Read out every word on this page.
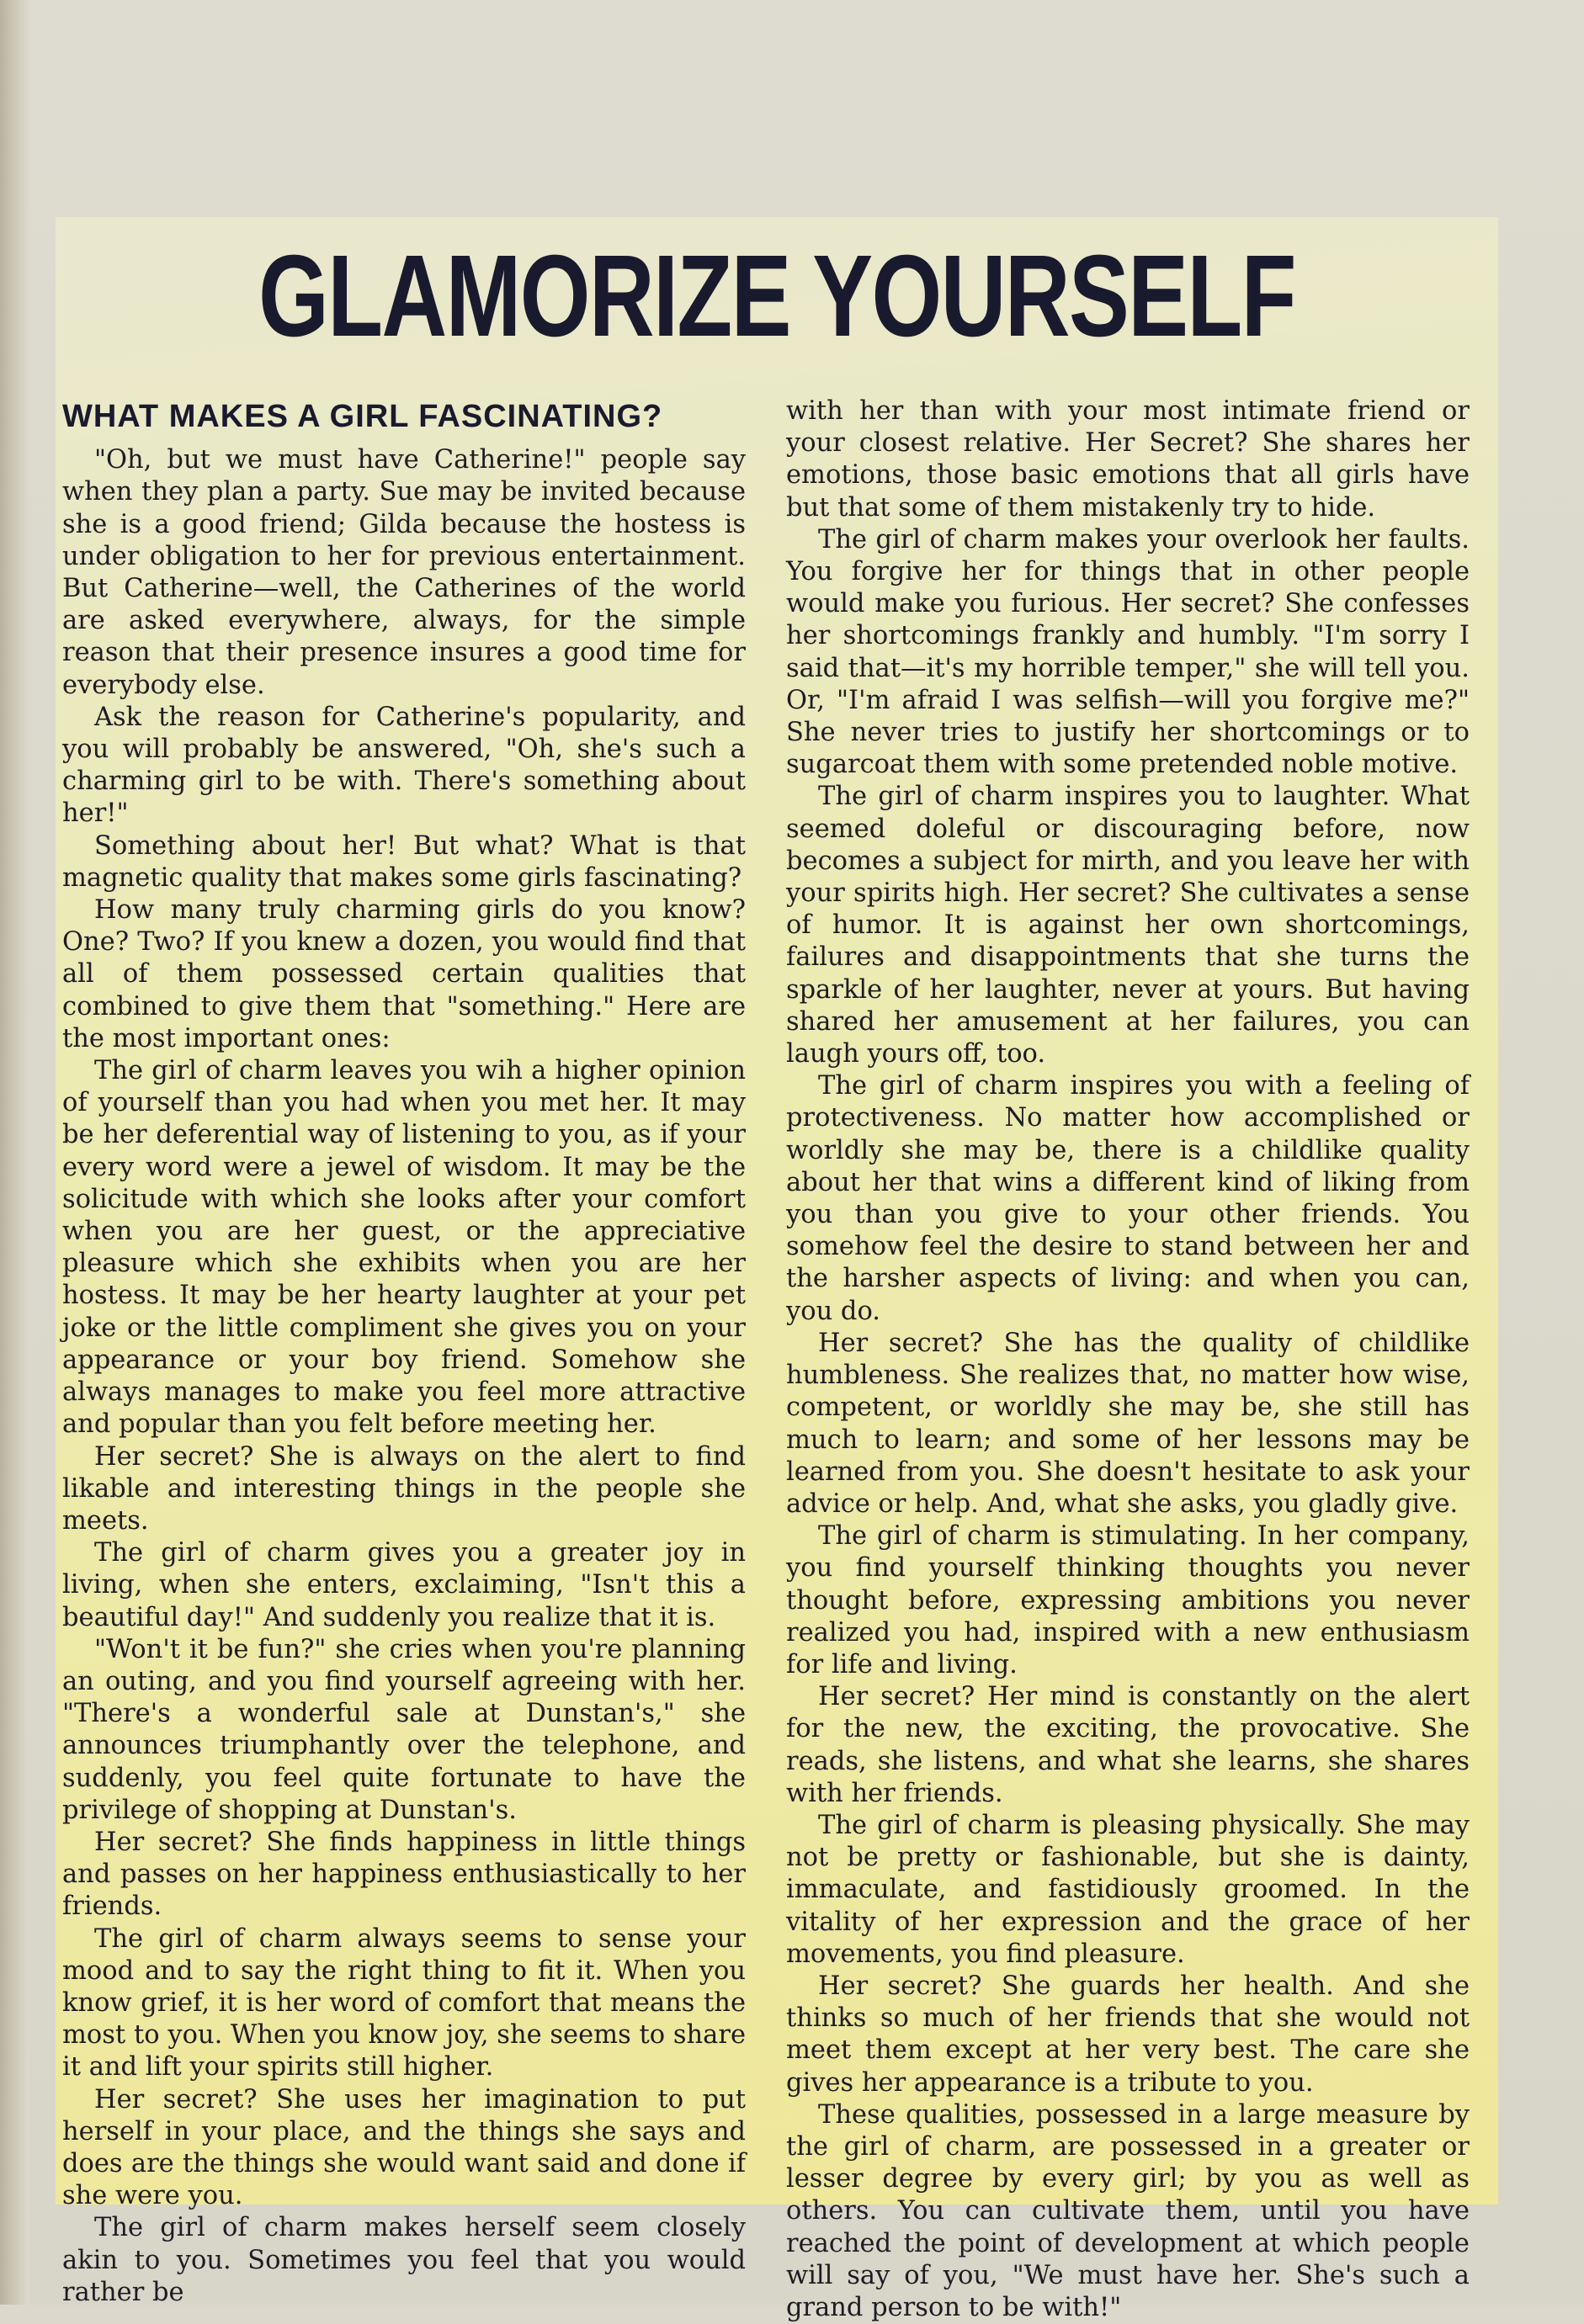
GLAMORIZE YOURSELF
WHAT MAKES A GIRL FASCINATING?

"Oh, but we must have Catherine!" people say when they plan a party. Sue may be invited because she is a good friend; Gilda because the hostess is under obligation to her for previous entertainment. But Catherine—well, the Catherines of the world are asked everywhere, always, for the simple reason that their presence insures a good time for everybody else.

Ask the reason for Catherine's popularity, and you will probably be answered, "Oh, she's such a charming girl to be with. There's something about her!"

Something about her! But what? What is that magnetic quality that makes some girls fascinating?

How many truly charming girls do you know? One? Two? If you knew a dozen, you would find that all of them possessed certain qualities that combined to give them that "something." Here are the most important ones:

The girl of charm leaves you wih a higher opinion of yourself than you had when you met her. It may be her deferential way of listening to you, as if your every word were a jewel of wisdom. It may be the solicitude with which she looks after your comfort when you are her guest, or the appreciative pleasure which she exhibits when you are her hostess. It may be her hearty laughter at your pet joke or the little compliment she gives you on your appearance or your boy friend. Somehow she always manages to make you feel more attractive and popular than you felt before meeting her.

Her secret? She is always on the alert to find likable and interesting things in the people she meets.

The girl of charm gives you a greater joy in living, when she enters, exclaiming, "Isn't this a beautiful day!" And suddenly you realize that it is.

"Won't it be fun?" she cries when you're planning an outing, and you find yourself agreeing with her. "There's a wonderful sale at Dunstan's," she announces triumphantly over the telephone, and suddenly, you feel quite fortunate to have the privilege of shopping at Dunstan's.

Her secret? She finds happiness in little things and passes on her happiness enthusiastically to her friends.

The girl of charm always seems to sense your mood and to say the right thing to fit it. When you know grief, it is her word of comfort that means the most to you. When you know joy, she seems to share it and lift your spirits still higher.

Her secret? She uses her imagination to put herself in your place, and the things she says and does are the things she would want said and done if she were you.

The girl of charm makes herself seem closely akin to you. Sometimes you feel that you would rather be

with her than with your most intimate friend or your closest relative. Her Secret? She shares her emotions, those basic emotions that all girls have but that some of them mistakenly try to hide.

The girl of charm makes your overlook her faults. You forgive her for things that in other people would make you furious. Her secret? She confesses her shortcomings frankly and humbly. "I'm sorry I said that—it's my horrible temper," she will tell you. Or, "I'm afraid I was selfish—will you forgive me?" She never tries to justify her shortcomings or to sugarcoat them with some pretended noble motive.

The girl of charm inspires you to laughter. What seemed doleful or discouraging before, now becomes a subject for mirth, and you leave her with your spirits high. Her secret? She cultivates a sense of humor. It is against her own shortcomings, failures and disappointments that she turns the sparkle of her laughter, never at yours. But having shared her amusement at her failures, you can laugh yours off, too.

The girl of charm inspires you with a feeling of protectiveness. No matter how accomplished or worldly she may be, there is a childlike quality about her that wins a different kind of liking from you than you give to your other friends. You somehow feel the desire to stand between her and the harsher aspects of living: and when you can, you do.

Her secret? She has the quality of childlike humbleness. She realizes that, no matter how wise, competent, or worldly she may be, she still has much to learn; and some of her lessons may be learned from you. She doesn't hesitate to ask your advice or help. And, what she asks, you gladly give.

The girl of charm is stimulating. In her company, you find yourself thinking thoughts you never thought before, expressing ambitions you never realized you had, inspired with a new enthusiasm for life and living.

Her secret? Her mind is constantly on the alert for the new, the exciting, the provocative. She reads, she listens, and what she learns, she shares with her friends.

The girl of charm is pleasing physically. She may not be pretty or fashionable, but she is dainty, immaculate, and fastidiously groomed. In the vitality of her expression and the grace of her movements, you find pleasure.

Her secret? She guards her health. And she thinks so much of her friends that she would not meet them except at her very best. The care she gives her appearance is a tribute to you.

These qualities, possessed in a large measure by the girl of charm, are possessed in a greater or lesser degree by every girl; by you as well as others. You can cultivate them, until you have reached the point of development at which people will say of you, "We must have her. She's such a grand person to be with!"
